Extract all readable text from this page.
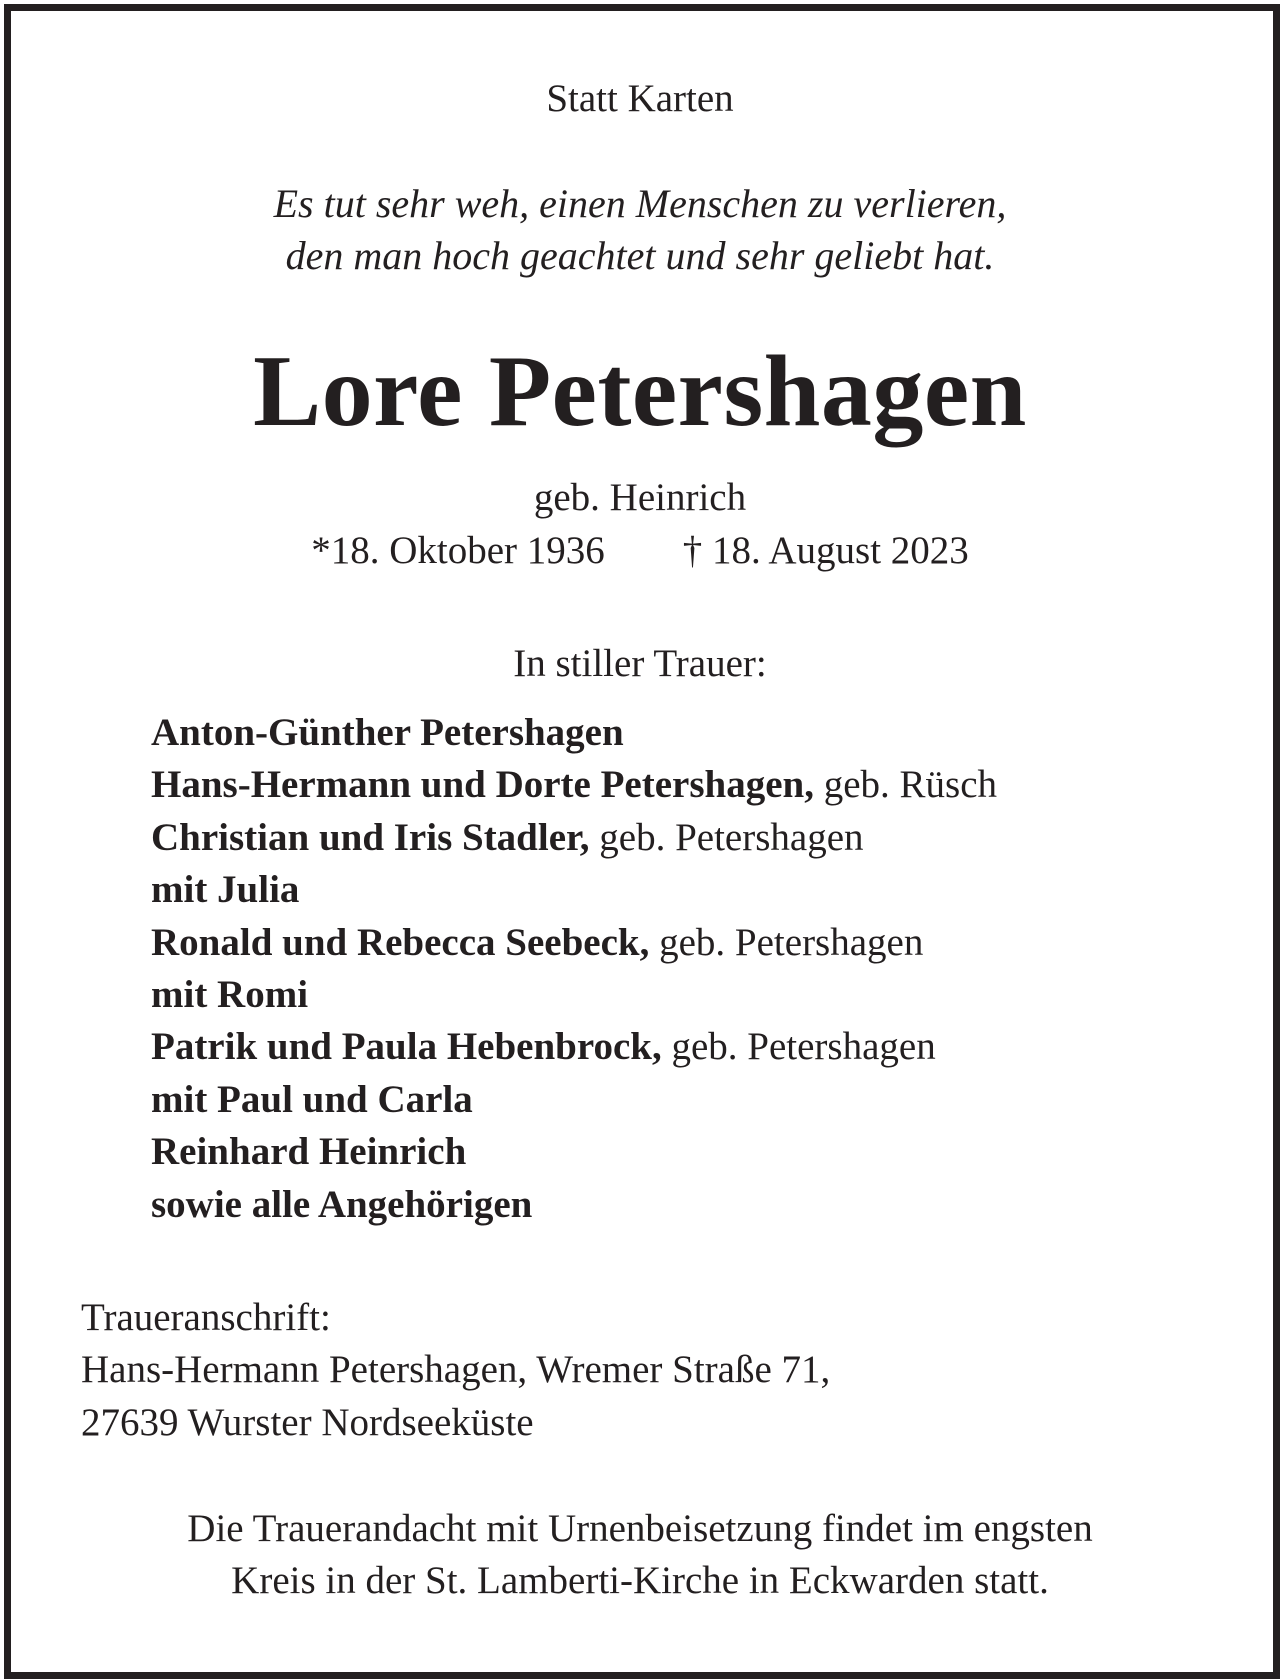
Statt Karten
Es tut sehr weh, einen Menschen zu verlieren,
den man hoch geachtet und sehr geliebt hat.
Lore Petershagen
geb. Heinrich
*18. Oktober 1936 † 18. August 2023
In stiller Trauer:
Anton-Günther Petershagen
Hans-Hermann und Dorte Petershagen, geb. Rüsch
Christian und Iris Stadler, geb. Petershagen
mit Julia
Ronald und Rebecca Seebeck, geb. Petershagen
mit Romi
Patrik und Paula Hebenbrock, geb. Petershagen
mit Paul und Carla
Reinhard Heinrich
sowie alle Angehörigen
Traueranschrift:
Hans-Hermann Petershagen, Wremer Straße 71,
27639 Wurster Nordseeküste
Die Trauerandacht mit Urnenbeisetzung findet im engsten
Kreis in der St. Lamberti-Kirche in Eckwarden statt.
